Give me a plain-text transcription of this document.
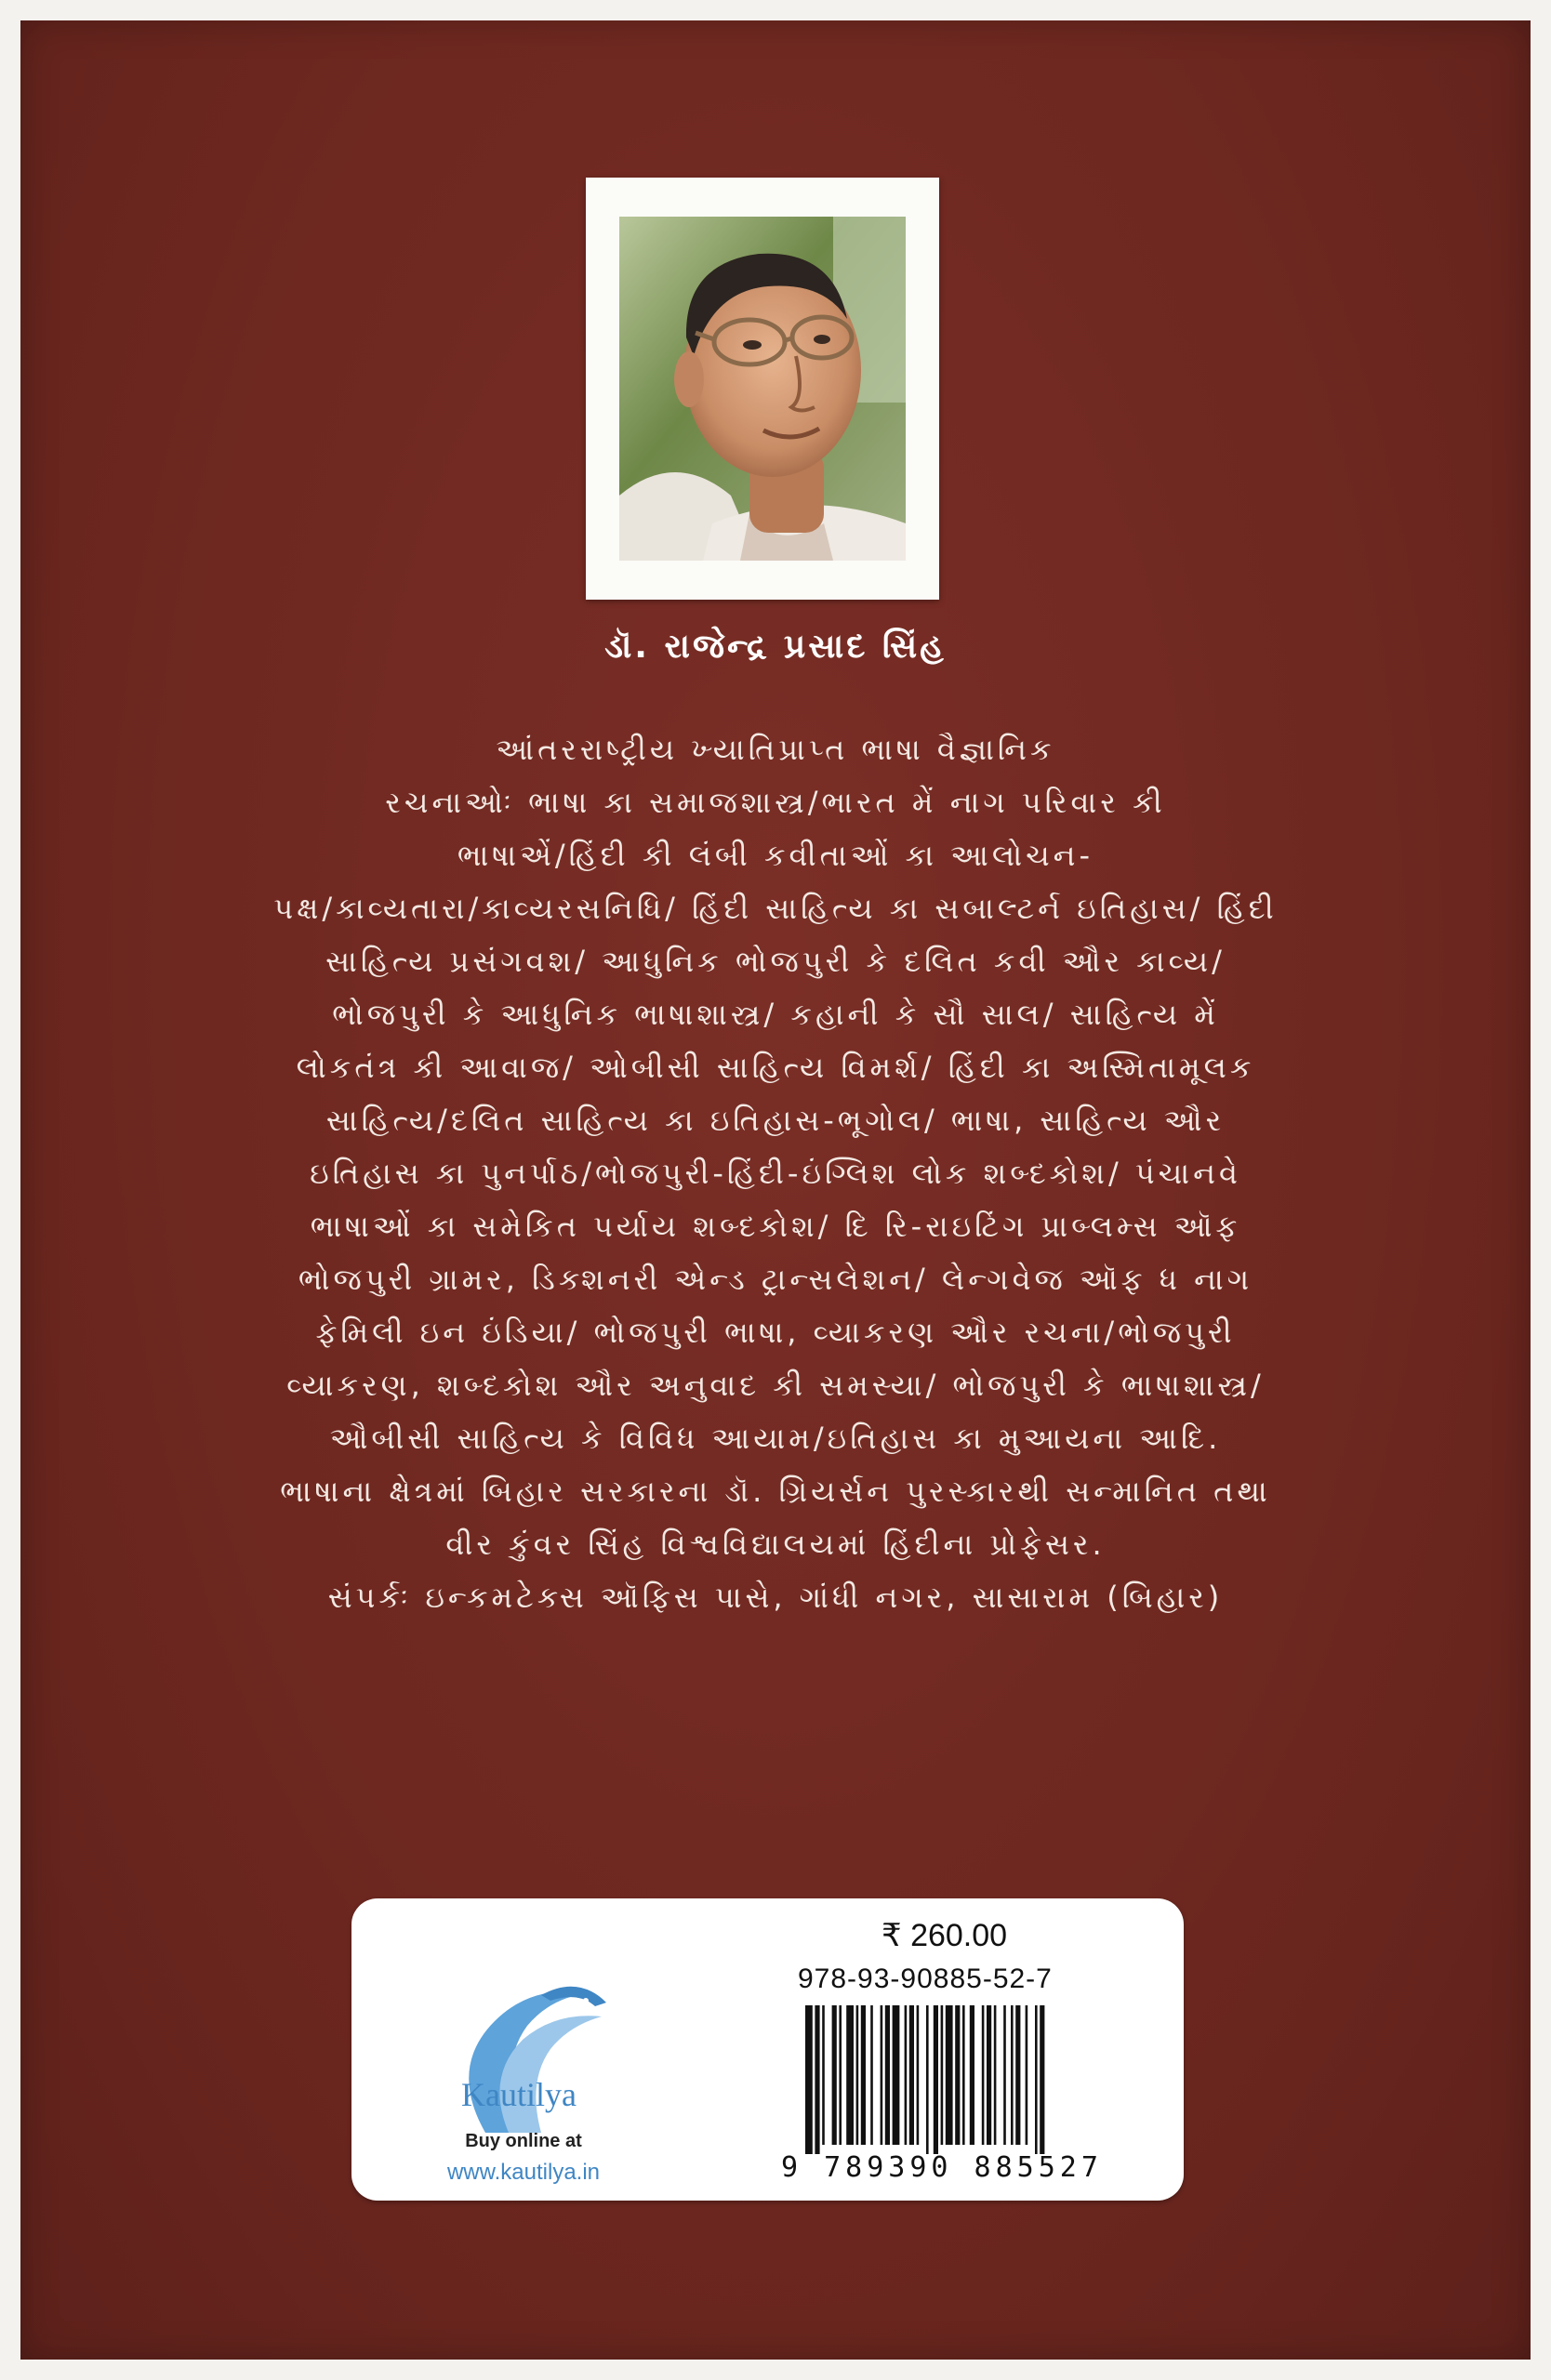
ડૉ. રાજેન્દ્ર પ્રસાદ સિંહ
આંતરરાષ્ટ્રીય ખ્યાતિપ્રાપ્ત ભાષા વૈજ્ઞાનિક
રચનાઓઃ ભાષા કા સમાજશાસ્ત્ર/ભારત મેં નાગ પરિવાર કી
ભાષાએં/હિંદી કી લંબી કવીતાઓં કા આલોચન-
પક્ષ/કાવ્યતારા/કાવ્યરસનિધિ/ હિંદી સાહિત્ય કા સબાલ્ટર્ન ઇતિહાસ/ હિંદી
સાહિત્ય પ્રસંગવશ/ આધુનિક ભોજપુરી કે દલિત કવી ઔર કાવ્ય/
ભોજપુરી કે આધુનિક ભાષાશાસ્ત્ર/ કહાની કે સૌ સાલ/ સાહિત્ય મેં
લોકતંત્ર કી આવાજ/ ઓબીસી સાહિત્ય વિમર્શ/ હિંદી કા અસ્મિતામૂલક
સાહિત્ય/દલિત સાહિત્ય કા ઇતિહાસ-ભૂગોલ/ ભાષા, સાહિત્ય ઔર
ઇતિહાસ કા પુનર્પાઠ/ભોજપુરી-હિંદી-ઇંગ્લિશ લોક શબ્દકોશ/ પંચાનવે
ભાષાઓં કા સમેકિત પર્યાય શબ્દકોશ/ દિ રિ-રાઇટિંગ પ્રાબ્લમ્સ ઑફ
ભોજપુરી ગ્રામર, ડિક્શનરી એન્ડ ટ્રાન્સલેશન/ લેન્ગવેજ ઑફ ધ નાગ
ફેમિલી ઇન ઇંડિયા/ ભોજપુરી ભાષા, વ્યાકરણ ઔર રચના/ભોજપુરી
વ્યાકરણ, શબ્દકોશ ઔર અનુવાદ કી સમસ્યા/ ભોજપુરી કે ભાષાશાસ્ત્ર/
ઔબીસી સાહિત્ય કે વિવિધ આયામ/ઇતિહાસ કા મુઆયના આદિ.
ભાષાના ક્ષેત્રમાં બિહાર સરકારના ડૉ. ગ્રિયર્સન પુરસ્કારથી સન્માનિત તથા
વીર કુંવર સિંહ વિશ્વવિદ્યાલયમાં હિંદીના પ્રોફેસર.
સંપર્કઃ ઇન્કમટેક્સ ઑફિસ પાસે, ગાંધી નગર, સાસારામ (બિહાર)
Kautilya
Buy online at
www.kautilya.in
₹ 260.00
978-93-90885-52-7
9 789390 885527
